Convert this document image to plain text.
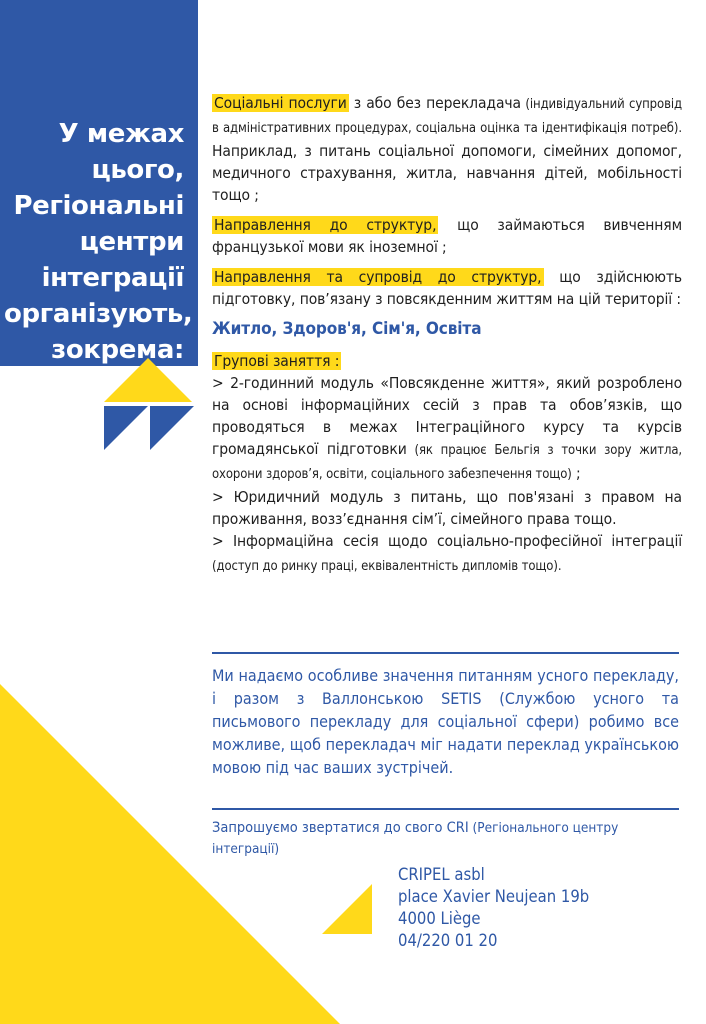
У межах
цього,
Регіональні
центри
інтеграції
організують,
зокрема:

Соціальні послуги з або без перекладача (індивідуальний супровід в адміністративних процедурах, соціальна оцінка та ідентифікація потреб). Наприклад, з питань соціальної допомоги, сімейних допомог, медичного страхування, житла, навчання дітей, мобільності тощо ;

Направлення до структур, що займаються вивченням французької мови як іноземної ;

Направлення та супровід до структур, що здійснюють підготовку, пов’язану з повсякденним життям на цій території :

Житло, Здоров'я, Сім'я, Освіта

Групові заняття :

> 2-годинний модуль «Повсякденне життя», який розроблено на основі інформаційних сесій з прав та обов’язків, що проводяться в межах Інтеграційного курсу та курсів громадянської підготовки (як працює Бельгія з точки зору житла, охорони здоров’я, освіти, соціального забезпечення тощо) ;

> Юридичний модуль з питань, що пов'язані з правом на проживання, возз’єднання сім’ї, сімейного права тощо.

> Інформаційна сесія щодо соціально-професійної інтеграції (доступ до ринку праці, еквівалентність дипломів тощо).

Ми надаємо особливе значення питанням усного перекладу, і разом з Валлонською SETIS (Службою усного та письмового перекладу для соціальної сфери) робимо все можливе, щоб перекладач міг надати переклад українською мовою під час ваших зустрічей.
Запрошуємо звертатися до свого CRI (Регіонального центру інтеграції)
CRIPEL asbl
place Xavier Neujean 19b
4000 Liège
04/220 01 20
